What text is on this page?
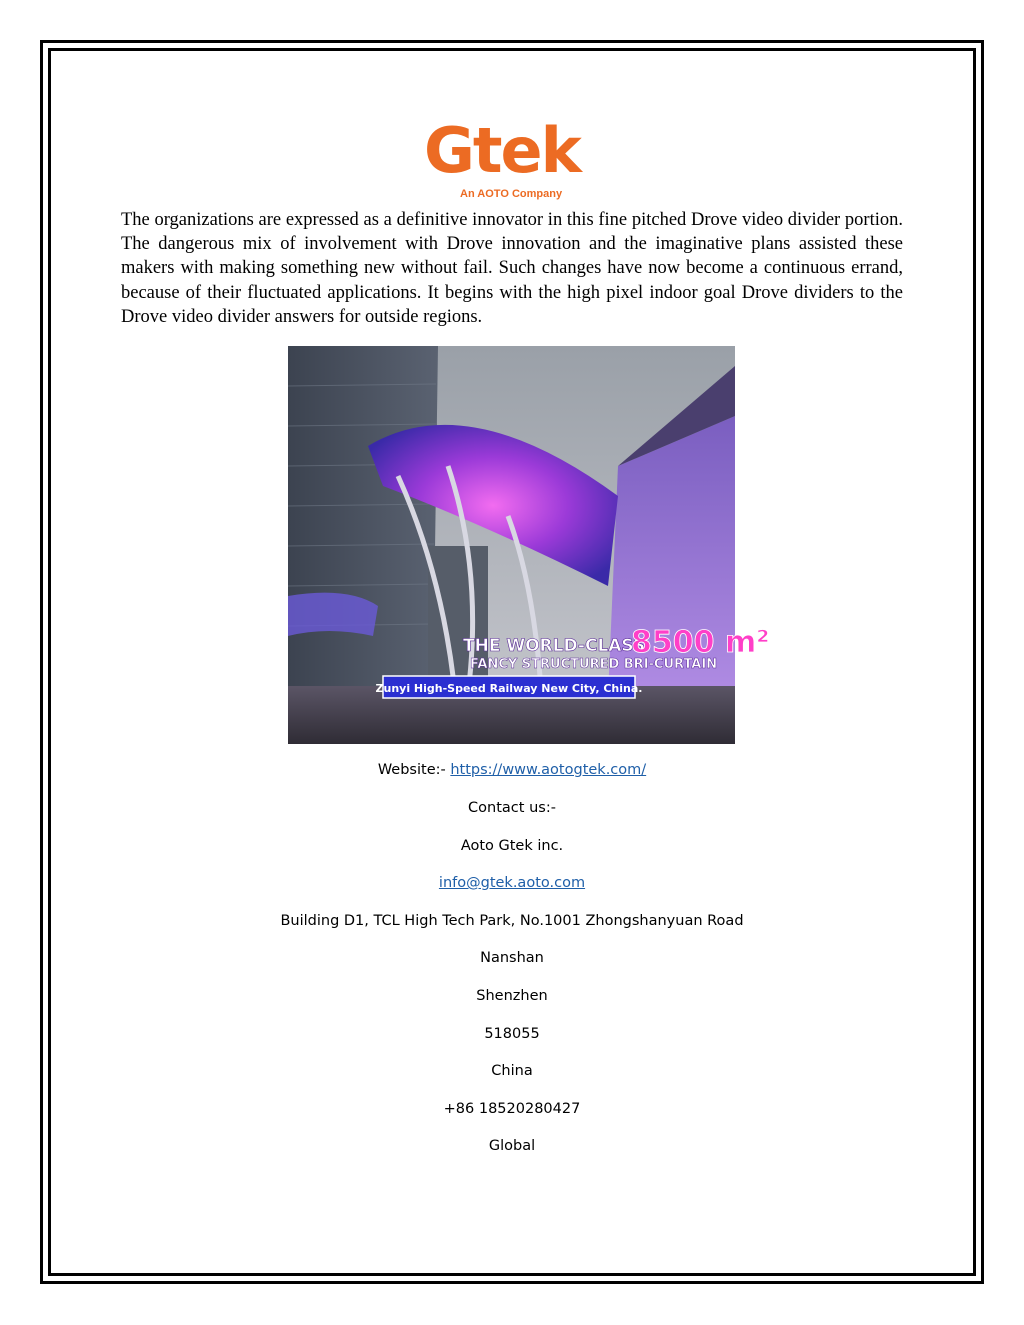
Gtek
An AOTO Company

The organizations are expressed as a definitive innovator in this fine pitched Drove video divider portion. The dangerous mix of involvement with Drove innovation and the imaginative plans assisted these makers with making something new without fail. Such changes have now become a continuous errand, because of their fluctuated applications. It begins with the high pixel indoor goal Drove dividers to the Drove video divider answers for outside regions.

THE WORLD-CLASS
8500 m²
FANCY STRUCTURED BRI-CURTAIN
Zunyi High-Speed Railway New City, China.
Website:- https://www.aotogtek.com/
Contact us:-
Aoto Gtek inc.
info@gtek.aoto.com
Building D1, TCL High Tech Park, No.1001 Zhongshanyuan Road
Nanshan
Shenzhen
518055
China
+86 18520280427
Global
